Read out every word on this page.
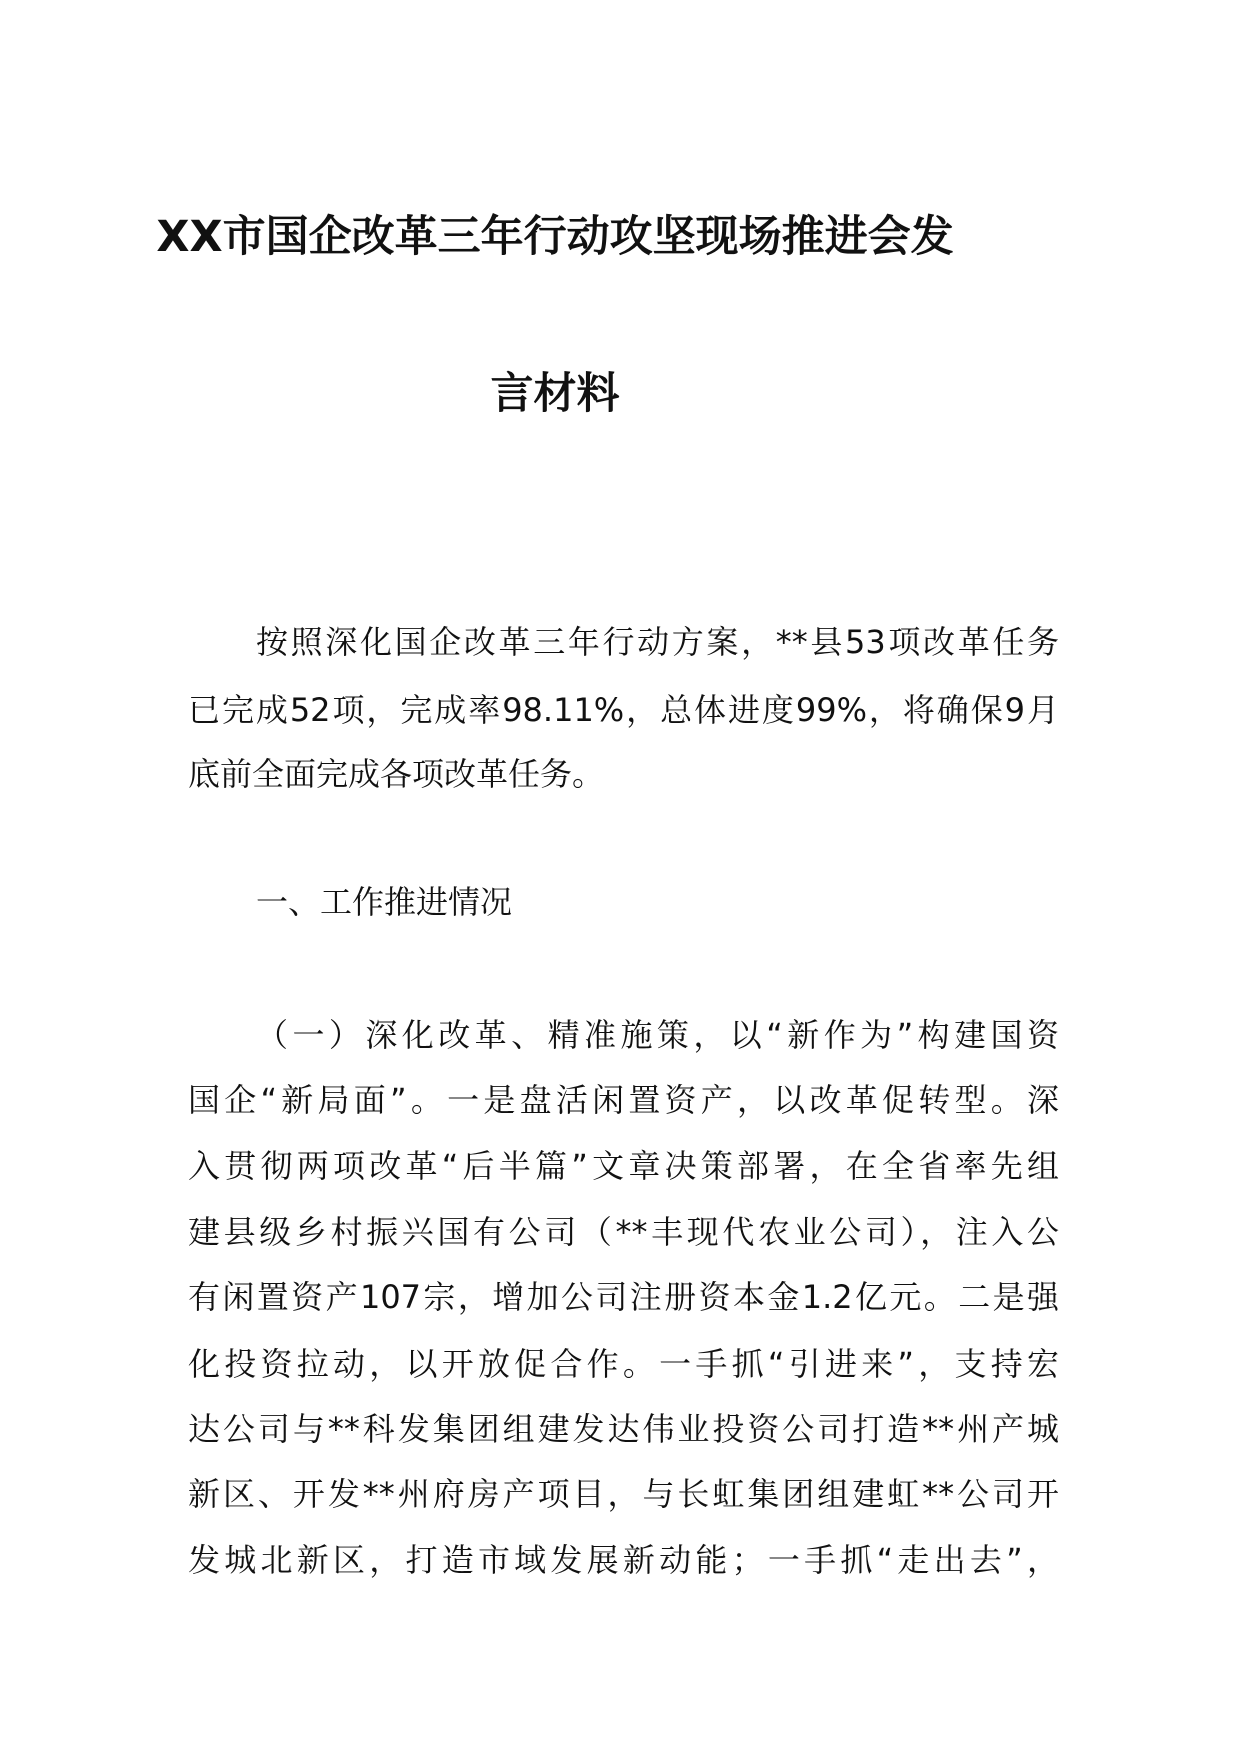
XX市国企改革三年行动攻坚现场推进会发
言材料
按照深化国企改革三年行动方案，**县53项改革任务
已完成52项，完成率98.11%，总体进度99%，将确保9月
底前全面完成各项改革任务。
一、工作推进情况
（一）深化改革、精准施策，以“新作为”构建国资
国企“新局面”。一是盘活闲置资产，以改革促转型。深
入贯彻两项改革“后半篇”文章决策部署，在全省率先组
建县级乡村振兴国有公司（**丰现代农业公司），注入公
有闲置资产107宗，增加公司注册资本金1.2亿元。二是强
化投资拉动，以开放促合作。一手抓“引进来”，支持宏
达公司与**科发集团组建发达伟业投资公司打造**州产城
新区、开发**州府房产项目，与长虹集团组建虹**公司开
发城北新区，打造市域发展新动能；一手抓“走出去”，
